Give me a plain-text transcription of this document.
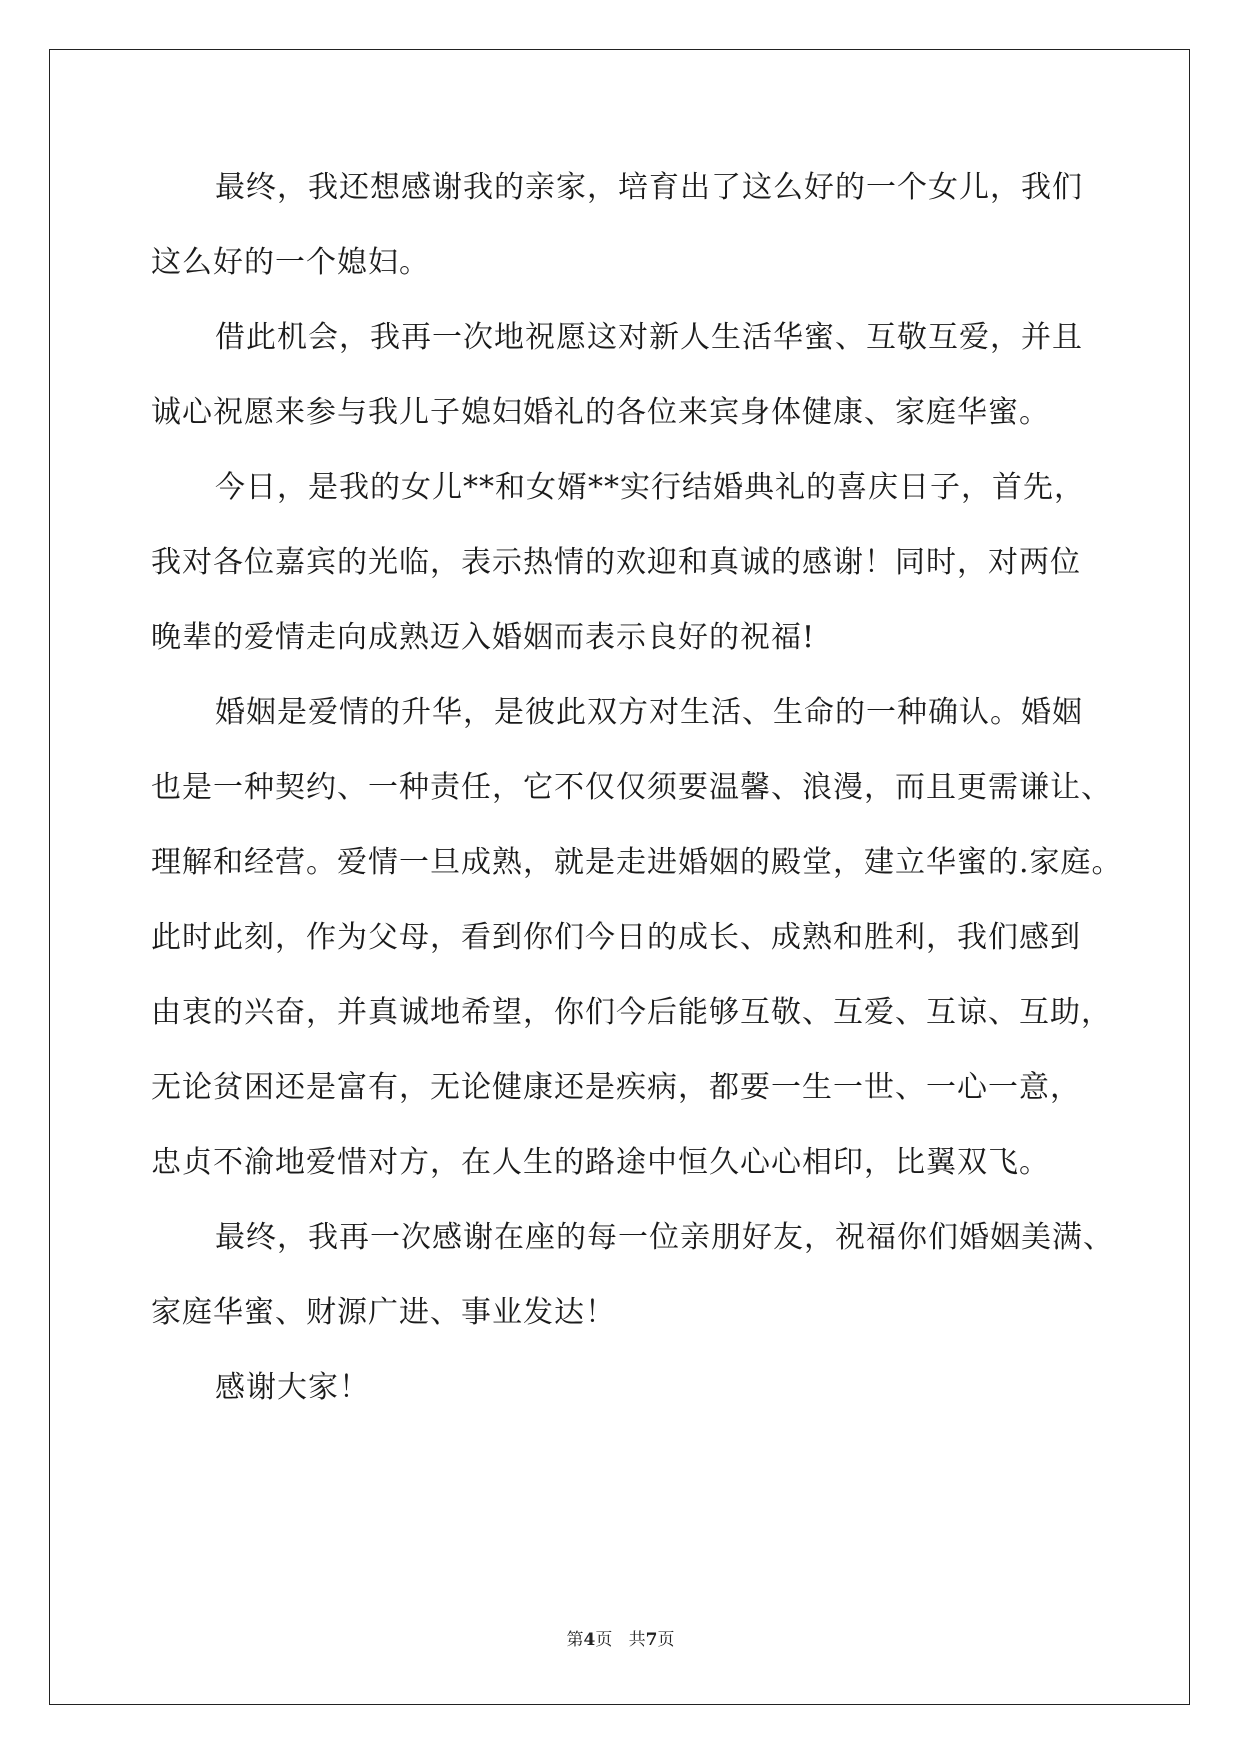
最终，我还想感谢我的亲家，培育出了这么好的一个女儿，我们
这么好的一个媳妇。
借此机会，我再一次地祝愿这对新人生活华蜜、互敬互爱，并且
诚心祝愿来参与我儿子媳妇婚礼的各位来宾身体健康、家庭华蜜。
今日，是我的女儿**和女婿**实行结婚典礼的喜庆日子，首先，
我对各位嘉宾的光临，表示热情的欢迎和真诚的感谢！同时，对两位
晚辈的爱情走向成熟迈入婚姻而表示良好的祝福!
婚姻是爱情的升华，是彼此双方对生活、生命的一种确认。婚姻
也是一种契约、一种责任，它不仅仅须要温馨、浪漫，而且更需谦让、
理解和经营。爱情一旦成熟，就是走进婚姻的殿堂，建立华蜜的.家庭。
此时此刻，作为父母，看到你们今日的成长、成熟和胜利，我们感到
由衷的兴奋，并真诚地希望，你们今后能够互敬、互爱、互谅、互助，
无论贫困还是富有，无论健康还是疾病，都要一生一世、一心一意，
忠贞不渝地爱惜对方，在人生的路途中恒久心心相印，比翼双飞。
最终，我再一次感谢在座的每一位亲朋好友，祝福你们婚姻美满、
家庭华蜜、财源广进、事业发达！
感谢大家！
第4页 共7页
